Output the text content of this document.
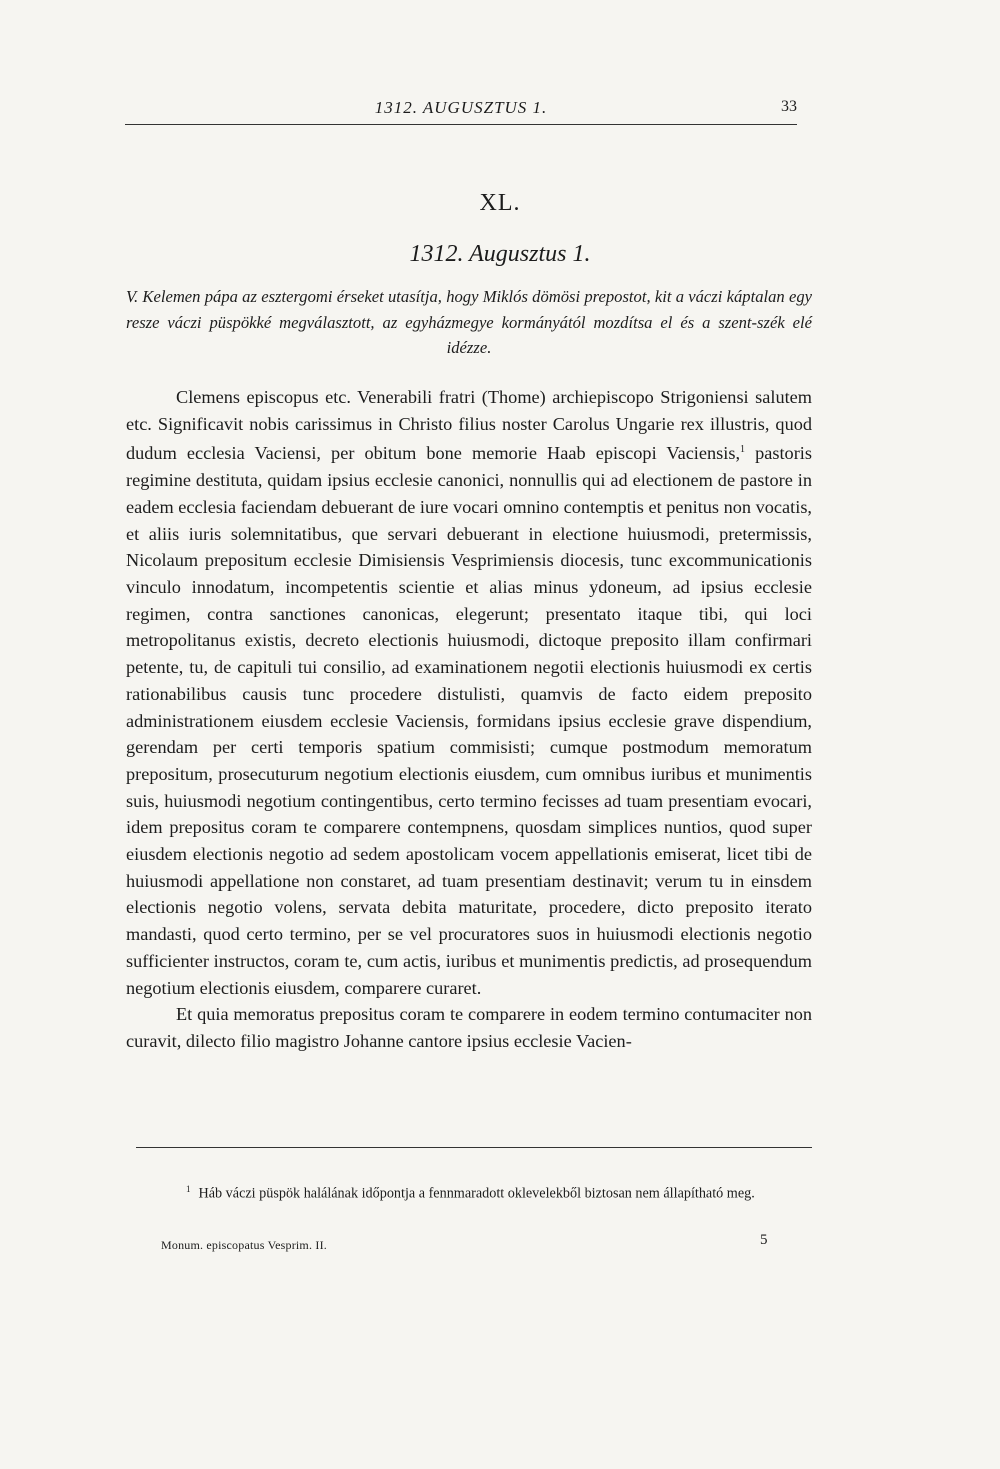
1312. AUGUSZTUS 1.	33
XL.
1312. Augusztus 1.
V. Kelemen pápa az esztergomi érseket utasítja, hogy Miklós dömösi prepostot, kit a váczi káptalan egy resze váczi püspökké megválasztott, az egyházmegye kormányától mozdítsa el és a szent-szék elé idézze.

Clemens episcopus etc. Venerabili fratri (Thome) archiepiscopo Strigoniensi salutem etc. Significavit nobis carissimus in Christo filius noster Carolus Ungarie rex illustris, quod dudum ecclesia Vaciensi, per obitum bone memorie Haab episcopi Vaciensis,$^1$ pastoris regimine destituta, quidam ipsius ecclesie canonici, nonnullis qui ad electionem de pastore in eadem ecclesia faciendam debuerant de iure vocari omnino contemptis et penitus non vocatis, et aliis iuris solemnitatibus, que servari debuerant in electione huiusmodi, pretermissis, Nicolaum prepositum ecclesie Dimisiensis Vesprimiensis diocesis, tunc excommunicationis vinculo innodatum, incompetentis scientie et alias minus ydoneum, ad ipsius ecclesie regimen, contra sanctiones canonicas, elegerunt; presentato itaque tibi, qui loci metropolitanus existis, decreto electionis huiusmodi, dictoque preposito illam confirmari petente, tu, de capituli tui consilio, ad examinationem negotii electionis huiusmodi ex certis rationabilibus causis tunc procedere distulisti, quamvis de facto eidem preposito administrationem eiusdem ecclesie Vaciensis, formidans ipsius ecclesie grave dispendium, gerendam per certi temporis spatium commisisti; cumque postmodum memoratum prepositum, prosecuturum negotium electionis eiusdem, cum omnibus iuribus et munimentis suis, huiusmodi negotium contingentibus, certo termino fecisses ad tuam presentiam evocari, idem prepositus coram te comparere contempnens, quosdam simplices nuntios, quod super eiusdem electionis negotio ad sedem apostolicam vocem appellationis emiserat, licet tibi de huiusmodi appellatione non constaret, ad tuam presentiam destinavit; verum tu in einsdem electionis negotio volens, servata debita maturitate, procedere, dicto preposito iterato mandasti, quod certo termino, per se vel procuratores suos in huiusmodi electionis negotio sufficienter instructos, coram te, cum actis, iuribus et munimentis predictis, ad prosequendum negotium electionis eiusdem, comparere curaret.

Et quia memoratus prepositus coram te comparere in eodem termino contumaciter non curavit, dilecto filio magistro Johanne cantore ipsius ecclesie Vacien-

$^1$ Háb váczi püspök halálának időpontja a fennmaradott oklevelekből biztosan nem állapítható meg.
Monum. episcopatus Vesprim. II.	5
